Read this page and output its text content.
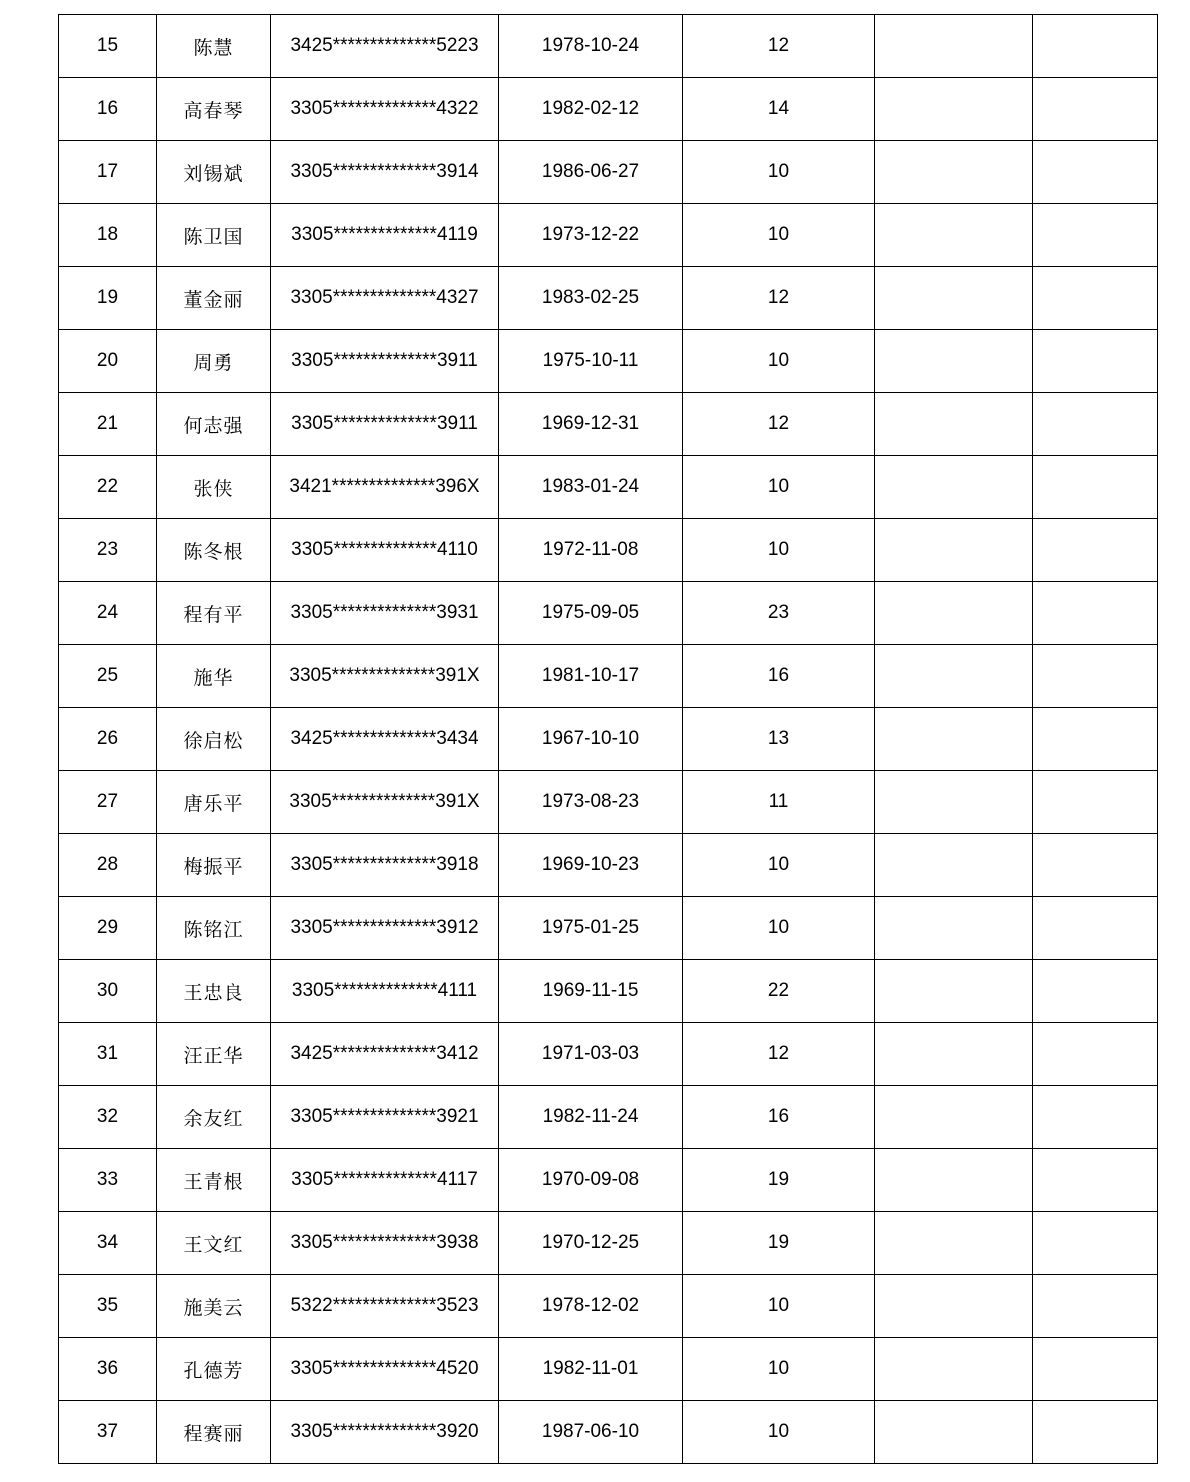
15	陈慧	3425**************5223	1978-10-24	12		
16	高春琴	3305**************4322	1982-02-12	14		
17	刘锡斌	3305**************3914	1986-06-27	10		
18	陈卫国	3305**************4119	1973-12-22	10		
19	董金丽	3305**************4327	1983-02-25	12		
20	周勇	3305**************3911	1975-10-11	10		
21	何志强	3305**************3911	1969-12-31	12		
22	张侠	3421**************396X	1983-01-24	10		
23	陈冬根	3305**************4110	1972-11-08	10		
24	程有平	3305**************3931	1975-09-05	23		
25	施华	3305**************391X	1981-10-17	16		
26	徐启松	3425**************3434	1967-10-10	13		
27	唐乐平	3305**************391X	1973-08-23	11		
28	梅振平	3305**************3918	1969-10-23	10		
29	陈铭江	3305**************3912	1975-01-25	10		
30	王忠良	3305**************4111	1969-11-15	22		
31	汪正华	3425**************3412	1971-03-03	12		
32	余友红	3305**************3921	1982-11-24	16		
33	王青根	3305**************4117	1970-09-08	19		
34	王文红	3305**************3938	1970-12-25	19		
35	施美云	5322**************3523	1978-12-02	10		
36	孔德芳	3305**************4520	1982-11-01	10		
37	程赛丽	3305**************3920	1987-06-10	10		
